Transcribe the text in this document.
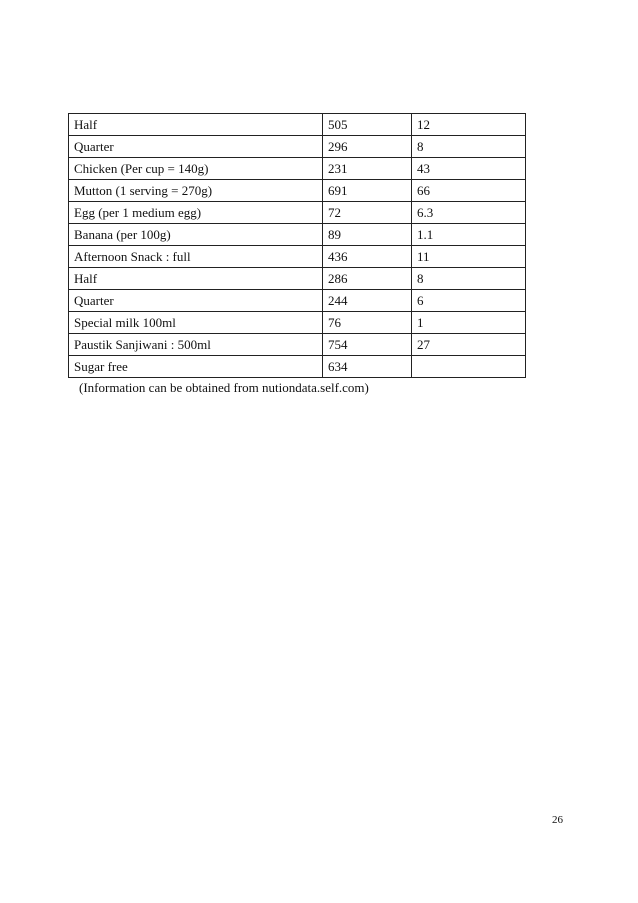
Half	505	12
Quarter	296	8
Chicken (Per cup = 140g)	231	43
Mutton (1 serving = 270g)	691	66
Egg (per 1 medium egg)	72	6.3
Banana (per 100g)	89	1.1
Afternoon Snack : full	436	11
Half	286	8
Quarter	244	6
Special milk 100ml	76	1
Paustik Sanjiwani : 500ml	754	27
Sugar free	634	
(Information can be obtained from nutiondata.self.com)
26
